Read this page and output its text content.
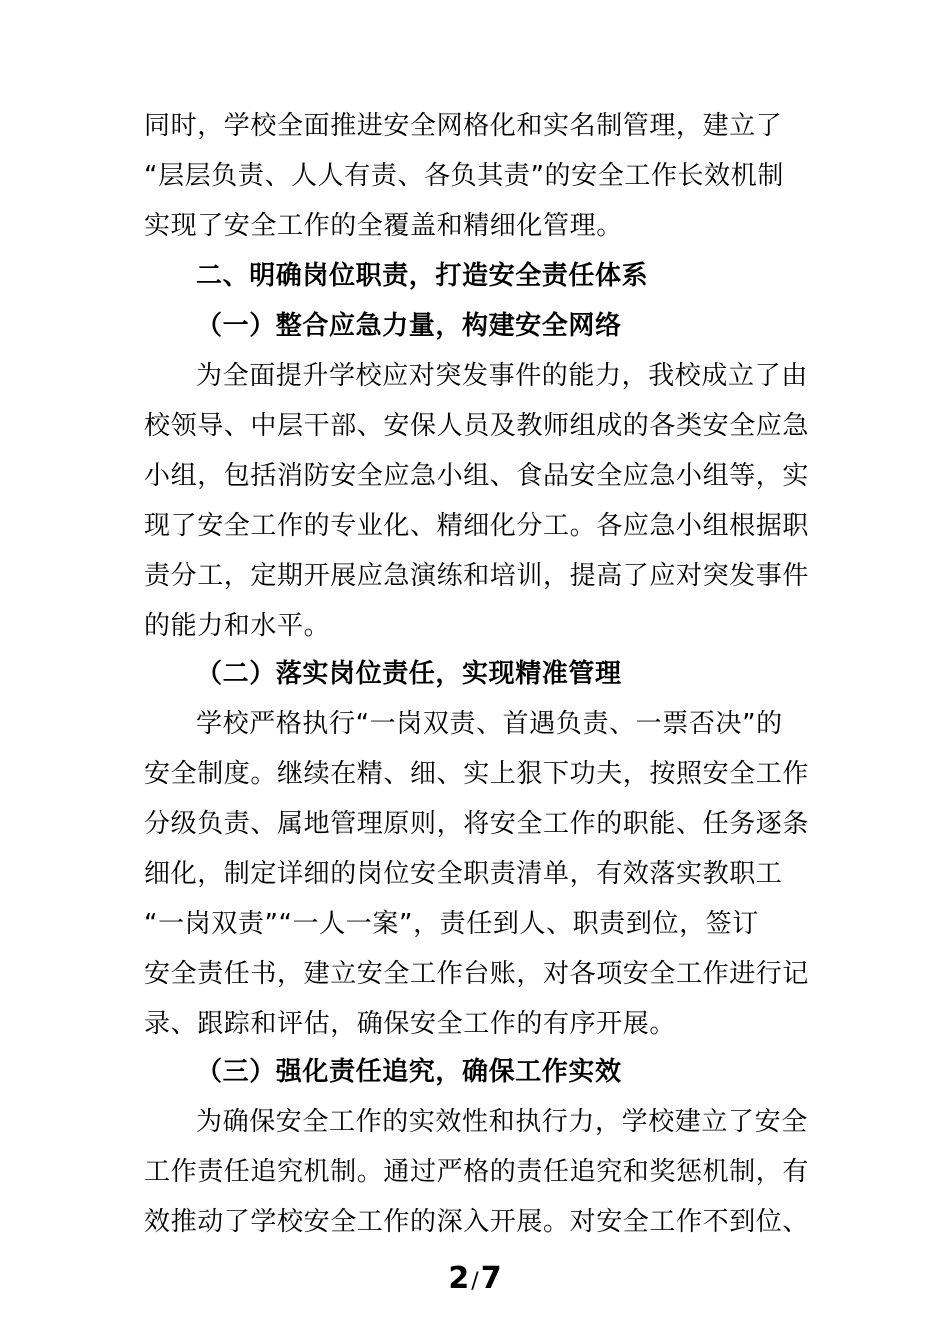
同时，学校全面推进安全网格化和实名制管理，建立了
“层层负责、人人有责、各负其责”的安全工作长效机制
实现了安全工作的全覆盖和精细化管理。
二、明确岗位职责，打造安全责任体系
（一）整合应急力量，构建安全网络
为全面提升学校应对突发事件的能力，我校成立了由
校领导、中层干部、安保人员及教师组成的各类安全应急
小组，包括消防安全应急小组、食品安全应急小组等，实
现了安全工作的专业化、精细化分工。各应急小组根据职
责分工，定期开展应急演练和培训，提高了应对突发事件
的能力和水平。
（二）落实岗位责任，实现精准管理
学校严格执行“一岗双责、首遇负责、一票否决”的
安全制度。继续在精、细、实上狠下功夫，按照安全工作
分级负责、属地管理原则，将安全工作的职能、任务逐条
细化，制定详细的岗位安全职责清单，有效落实教职工
“一岗双责”“一人一案”，责任到人、职责到位，签订
安全责任书，建立安全工作台账，对各项安全工作进行记
录、跟踪和评估，确保安全工作的有序开展。
（三）强化责任追究，确保工作实效
为确保安全工作的实效性和执行力，学校建立了安全
工作责任追究机制。通过严格的责任追究和奖惩机制，有
效推动了学校安全工作的深入开展。对安全工作不到位、
2/7
